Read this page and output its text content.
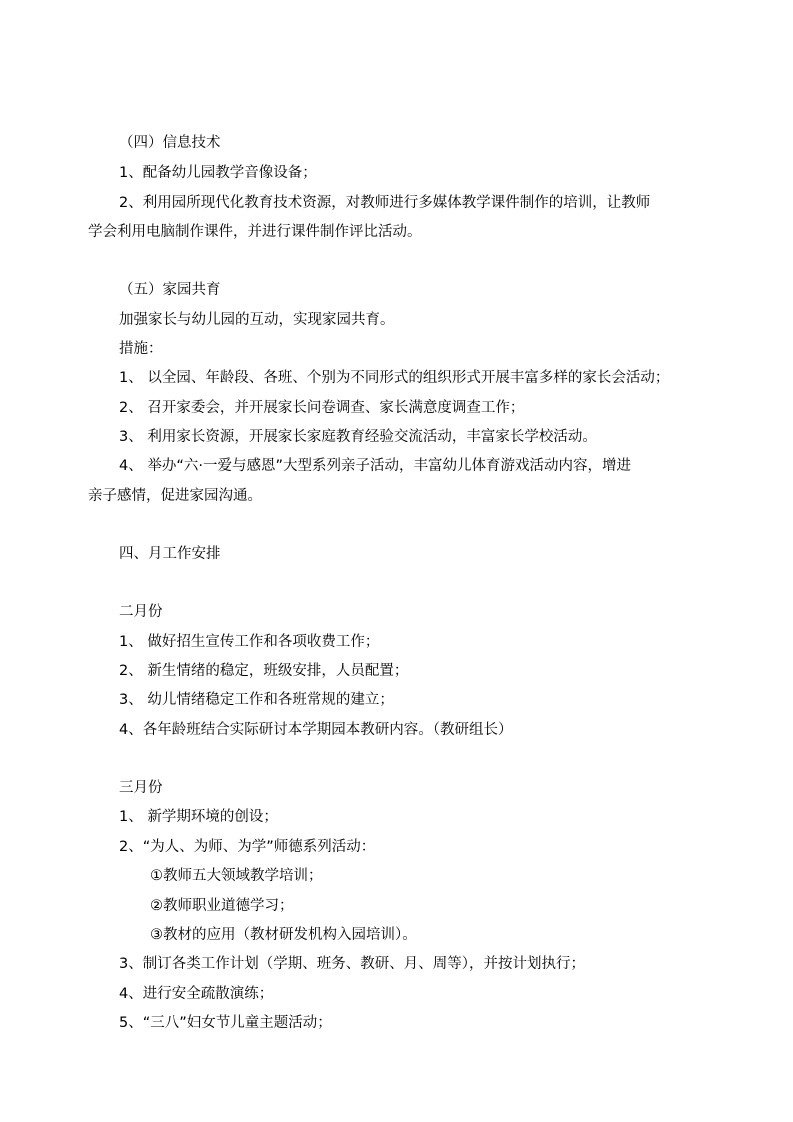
（四）信息技术
1、配备幼儿园教学音像设备；
2、利用园所现代化教育技术资源，对教师进行多媒体教学课件制作的培训，让教师
学会利用电脑制作课件，并进行课件制作评比活动。
（五）家园共育
加强家长与幼儿园的互动，实现家园共育。
措施：
1、 以全园、年龄段、各班、个别为不同形式的组织形式开展丰富多样的家长会活动；
2、 召开家委会，并开展家长问卷调查、家长满意度调查工作；
3、 利用家长资源，开展家长家庭教育经验交流活动，丰富家长学校活动。
4、 举办“六·一爱与感恩”大型系列亲子活动，丰富幼儿体育游戏活动内容，增进
亲子感情，促进家园沟通。
四、月工作安排
二月份
1、 做好招生宣传工作和各项收费工作；
2、 新生情绪的稳定，班级安排，人员配置；
3、 幼儿情绪稳定工作和各班常规的建立；
4、各年龄班结合实际研讨本学期园本教研内容。（教研组长）
三月份
1、 新学期环境的创设；
2、“为人、为师、为学”师德系列活动：
①教师五大领域教学培训；
②教师职业道德学习；
③教材的应用（教材研发机构入园培训）。
3、制订各类工作计划（学期、班务、教研、月、周等），并按计划执行；
4、进行安全疏散演练；
5、“三八”妇女节儿童主题活动；
